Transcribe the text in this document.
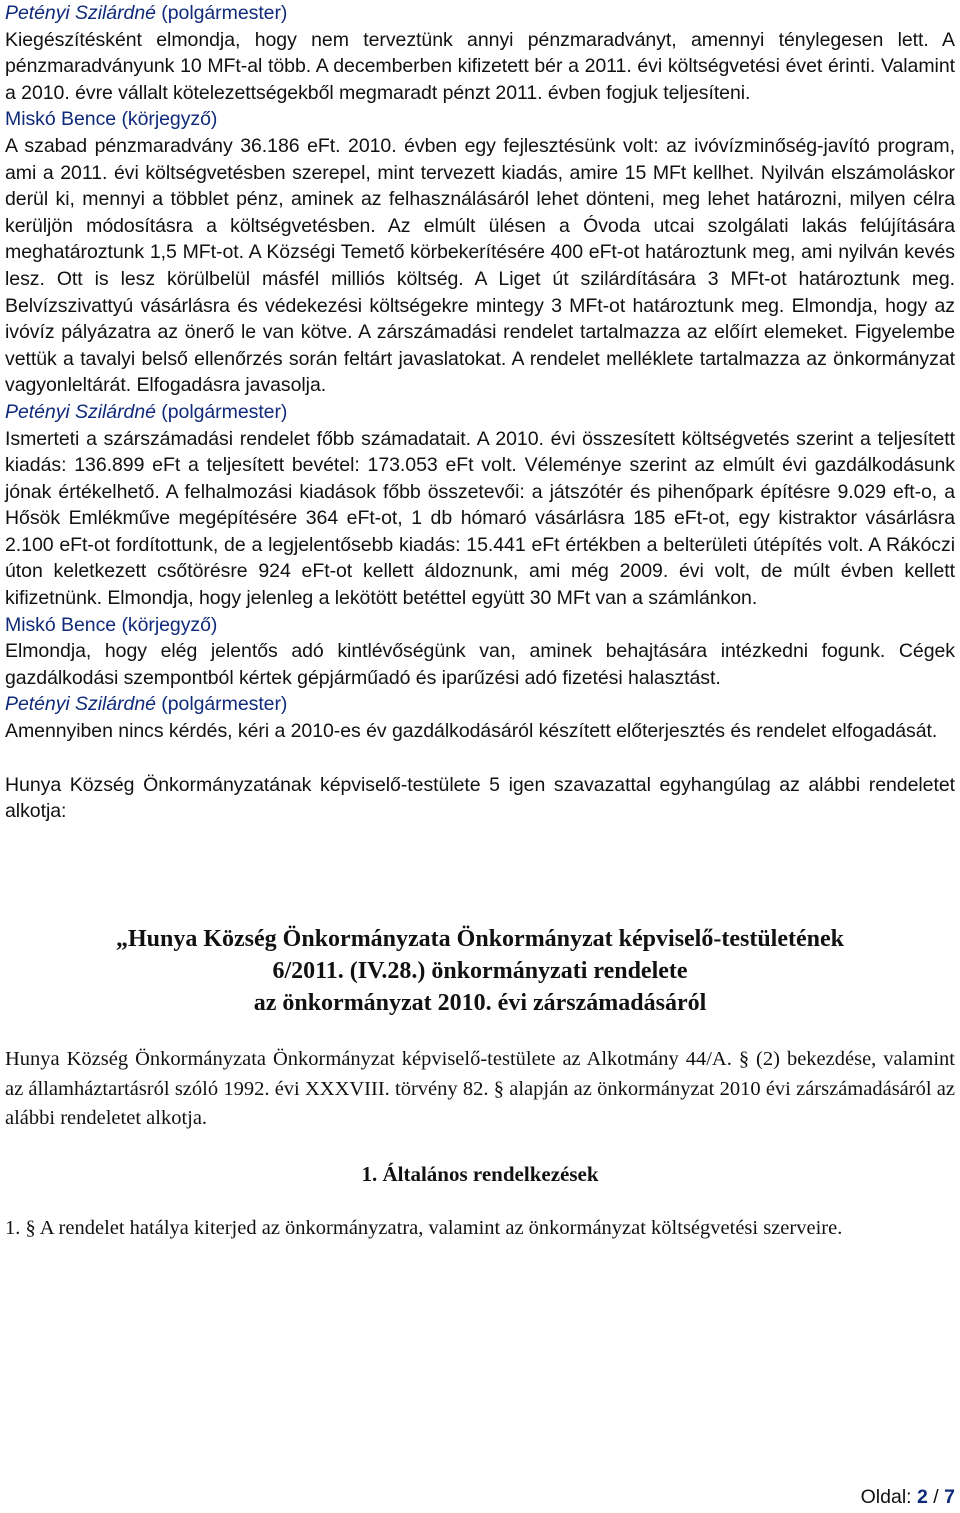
Petényi Szilárdné (polgármester)

Kiegészítésként elmondja, hogy nem terveztünk annyi pénzmaradványt, amennyi ténylegesen lett. A pénzmaradványunk 10 MFt-al több. A decemberben kifizetett bér a 2011. évi költségvetési évet érinti. Valamint a 2010. évre vállalt kötelezettségekből megmaradt pénzt 2011. évben fogjuk teljesíteni.

Miskó Bence (körjegyző)

A szabad pénzmaradvány 36.186 eFt. 2010. évben egy fejlesztésünk volt: az ivóvízminőség-javító program, ami a 2011. évi költségvetésben szerepel, mint tervezett kiadás, amire 15 MFt kellhet. Nyilván elszámoláskor derül ki, mennyi a többlet pénz, aminek az felhasználásáról lehet dönteni, meg lehet határozni, milyen célra kerüljön módosításra a költségvetésben. Az elmúlt ülésen a Óvoda utcai szolgálati lakás felújítására meghatároztunk 1,5 MFt-ot. A Községi Temető körbekerítésére 400 eFt-ot határoztunk meg, ami nyilván kevés lesz. Ott is lesz körülbelül másfél milliós költség. A Liget út szilárdítására 3 MFt-ot határoztunk meg. Belvízszivattyú vásárlásra és védekezési költségekre mintegy 3 MFt-ot határoztunk meg. Elmondja, hogy az ivóvíz pályázatra az önerő le van kötve. A zárszámadási rendelet tartalmazza az előírt elemeket. Figyelembe vettük a tavalyi belső ellenőrzés során feltárt javaslatokat. A rendelet melléklete tartalmazza az önkormányzat vagyonleltárát. Elfogadásra javasolja.

Petényi Szilárdné (polgármester)

Ismerteti a szárszámadási rendelet főbb számadatait. A 2010. évi összesített költségvetés szerint a teljesített kiadás: 136.899 eFt a teljesített bevétel: 173.053 eFt volt. Véleménye szerint az elmúlt évi gazdálkodásunk jónak értékelhető. A felhalmozási kiadások főbb összetevői: a játszótér és pihenőpark építésre 9.029 eft-o, a Hősök Emlékműve megépítésére 364 eFt-ot, 1 db hómaró vásárlásra 185 eFt-ot, egy kistraktor vásárlásra 2.100 eFt-ot fordítottunk, de a legjelentősebb kiadás: 15.441 eFt értékben a belterületi útépítés volt. A Rákóczi úton keletkezett csőtörésre 924 eFt-ot kellett áldoznunk, ami még 2009. évi volt, de múlt évben kellett kifizetnünk. Elmondja, hogy jelenleg a lekötött betéttel együtt 30 MFt van a számlánkon.

Miskó Bence (körjegyző)

Elmondja, hogy elég jelentős adó kintlévőségünk van, aminek behajtására intézkedni fogunk. Cégek gazdálkodási szempontból kértek gépjárműadó és iparűzési adó fizetési halasztást.

Petényi Szilárdné (polgármester)

Amennyiben nincs kérdés, kéri a 2010-es év gazdálkodásáról készített előterjesztés és rendelet elfogadását.

Hunya Község Önkormányzatának képviselő-testülete 5 igen szavazattal egyhangúlag az alábbi rendeletet alkotja:

„Hunya Község Önkormányzata Önkormányzat képviselő-testületének

6/2011. (IV.28.) önkormányzati rendelete

az önkormányzat 2010. évi zárszámadásáról

Hunya Község Önkormányzata Önkormányzat képviselő-testülete az Alkotmány 44/A. § (2) bekezdése, valamint az államháztartásról szóló 1992. évi XXXVIII. törvény 82. § alapján az önkormányzat 2010 évi zárszámadásáról az alábbi rendeletet alkotja.

1. Általános rendelkezések

1. § A rendelet hatálya kiterjed az önkormányzatra, valamint az önkormányzat költségvetési szerveire.

Oldal: 2 / 7
